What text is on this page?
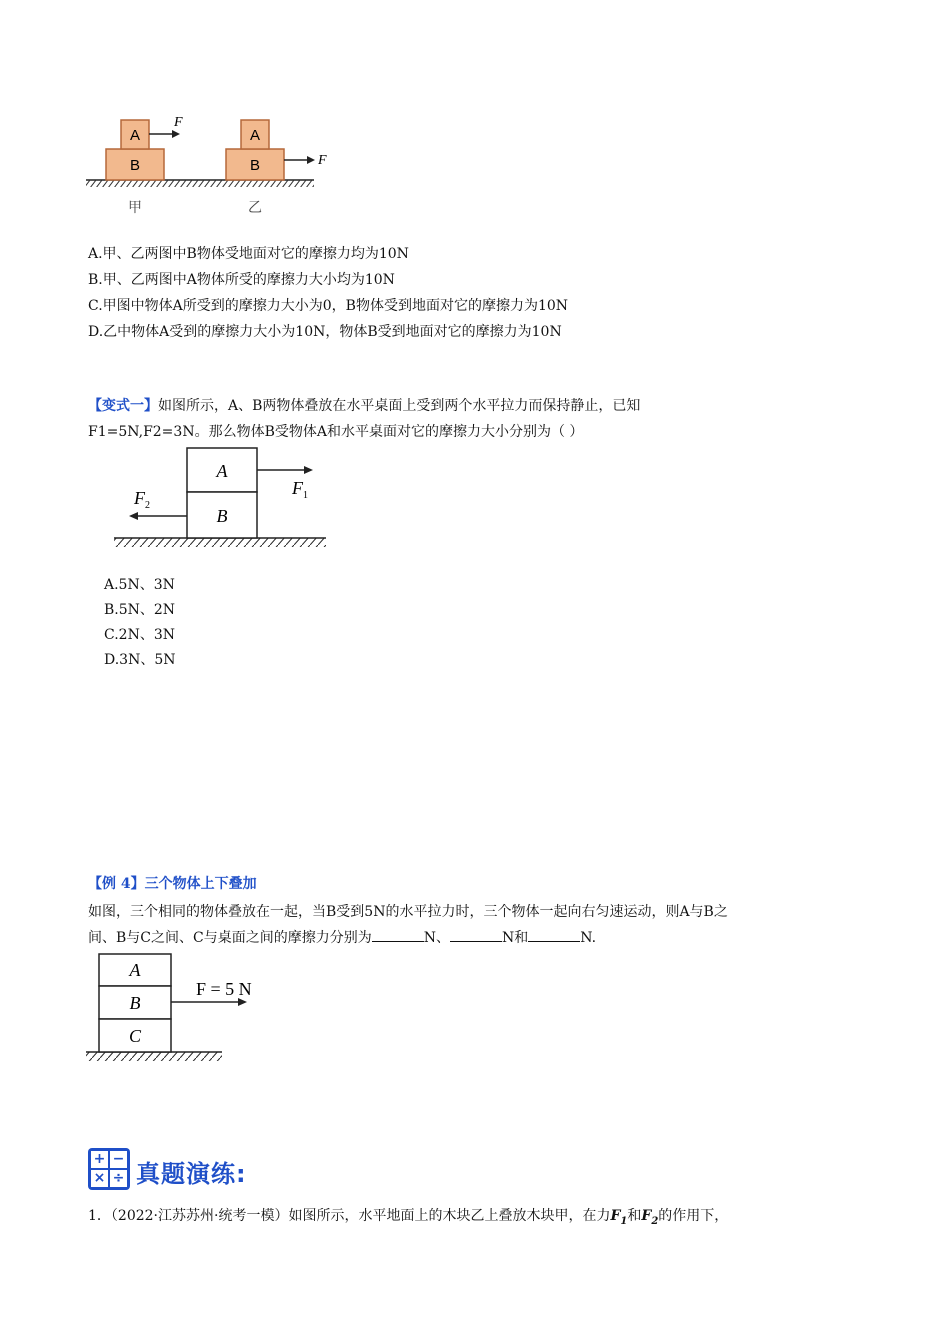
A
B
F
A
B	F
甲	乙
A.甲、乙两图中B物体受地面对它的摩擦力均为10N
B.甲、乙两图中A物体所受的摩擦力大小均为10N
C.甲图中物体A所受到的摩擦力大小为0，B物体受到地面对它的摩擦力为10N
D.乙中物体A受到的摩擦力大小为10N，物体B受到地面对它的摩擦力为10N
【变式一】如图所示，A、B两物体叠放在水平桌面上受到两个水平拉力而保持静止，已知
F1=5N,F2=3N。那么物体B受物体A和水平桌面对它的摩擦力大小分别为（ ）
A
B
$F_1$
$F_2$
A.5N、3N
B.5N、2N
C.2N、3N
D.3N、5N
【例 4】三个物体上下叠加
如图，三个相同的物体叠放在一起，当B受到5N的水平拉力时，三个物体一起向右匀速运动，则A与B之
间、B与C之间、C与桌面之间的摩擦力分别为	N、	N和	N.
A
B
C
F = 5 N
+ −
× ÷ 真题演练:
1．（2022·江苏苏州·统考一模）如图所示，水平地面上的木块乙上叠放木块甲，在力$F_1$和$F_2$的作用下，
